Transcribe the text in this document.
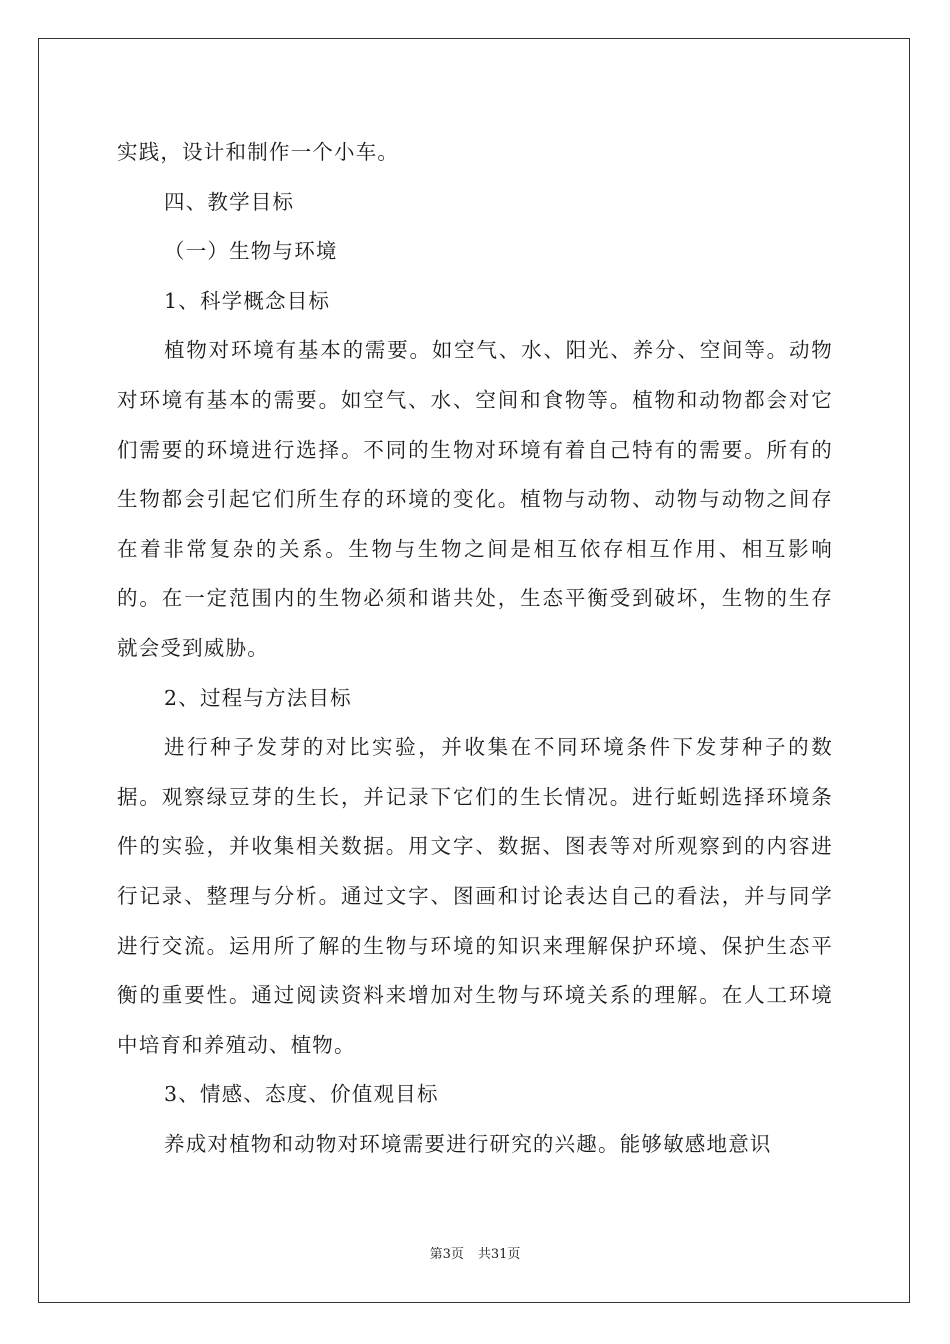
实践，设计和制作一个小车。

四、教学目标

（一）生物与环境

1、科学概念目标

植物对环境有基本的需要。如空气、水、阳光、养分、空间等。动物对环境有基本的需要。如空气、水、空间和食物等。植物和动物都会对它们需要的环境进行选择。不同的生物对环境有着自己特有的需要。所有的生物都会引起它们所生存的环境的变化。植物与动物、动物与动物之间存在着非常复杂的关系。生物与生物之间是相互依存相互作用、相互影响的。在一定范围内的生物必须和谐共处，生态平衡受到破坏，生物的生存就会受到威胁。

2、过程与方法目标

进行种子发芽的对比实验，并收集在不同环境条件下发芽种子的数据。观察绿豆芽的生长，并记录下它们的生长情况。进行蚯蚓选择环境条件的实验，并收集相关数据。用文字、数据、图表等对所观察到的内容进行记录、整理与分析。通过文字、图画和讨论表达自己的看法，并与同学进行交流。运用所了解的生物与环境的知识来理解保护环境、保护生态平衡的重要性。通过阅读资料来增加对生物与环境关系的理解。在人工环境中培育和养殖动、植物。

3、情感、态度、价值观目标

养成对植物和动物对环境需要进行研究的兴趣。能够敏感地意识

第3页 共31页
